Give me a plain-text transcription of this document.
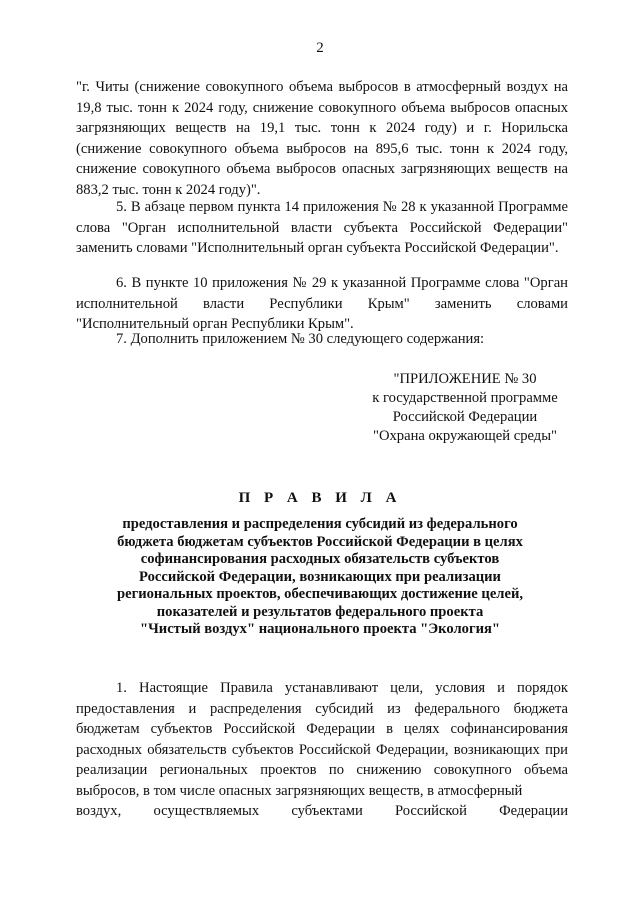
2

"г. Читы (снижение совокупного объема выбросов в атмосферный воздух на 19,8 тыс. тонн к 2024 году, снижение совокупного объема выбросов опасных загрязняющих веществ на 19,1 тыс. тонн к 2024 году) и г. Норильска (снижение совокупного объема выбросов на 895,6 тыс. тонн к 2024 году, снижение совокупного объема выбросов опасных загрязняющих веществ на 883,2 тыс. тонн к 2024 году)".

5. В абзаце первом пункта 14 приложения № 28 к указанной Программе слова "Орган исполнительной власти субъекта Российской Федерации" заменить словами "Исполнительный орган субъекта Российской Федерации".

6. В пункте 10 приложения № 29 к указанной Программе слова "Орган исполнительной власти Республики Крым" заменить словами "Исполнительный орган Республики Крым".

7. Дополнить приложением № 30 следующего содержания:

"ПРИЛОЖЕНИЕ № 30
к государственной программе
Российской Федерации
"Охрана окружающей среды"
П Р А В И Л А
предоставления и распределения субсидий из федерального
бюджета бюджетам субъектов Российской Федерации в целях
софинансирования расходных обязательств субъектов
Российской Федерации, возникающих при реализации
региональных проектов, обеспечивающих достижение целей,
показателей и результатов федерального проекта
"Чистый воздух" национального проекта "Экология"

1. Настоящие Правила устанавливают цели, условия и порядок предоставления и распределения субсидий из федерального бюджета бюджетам субъектов Российской Федерации в целях софинансирования расходных обязательств субъектов Российской Федерации, возникающих при реализации региональных проектов по снижению совокупного объема выбросов, в том числе опасных загрязняющих веществ, в атмосферный

воздух, осуществляемых субъектами Российской Федерации
